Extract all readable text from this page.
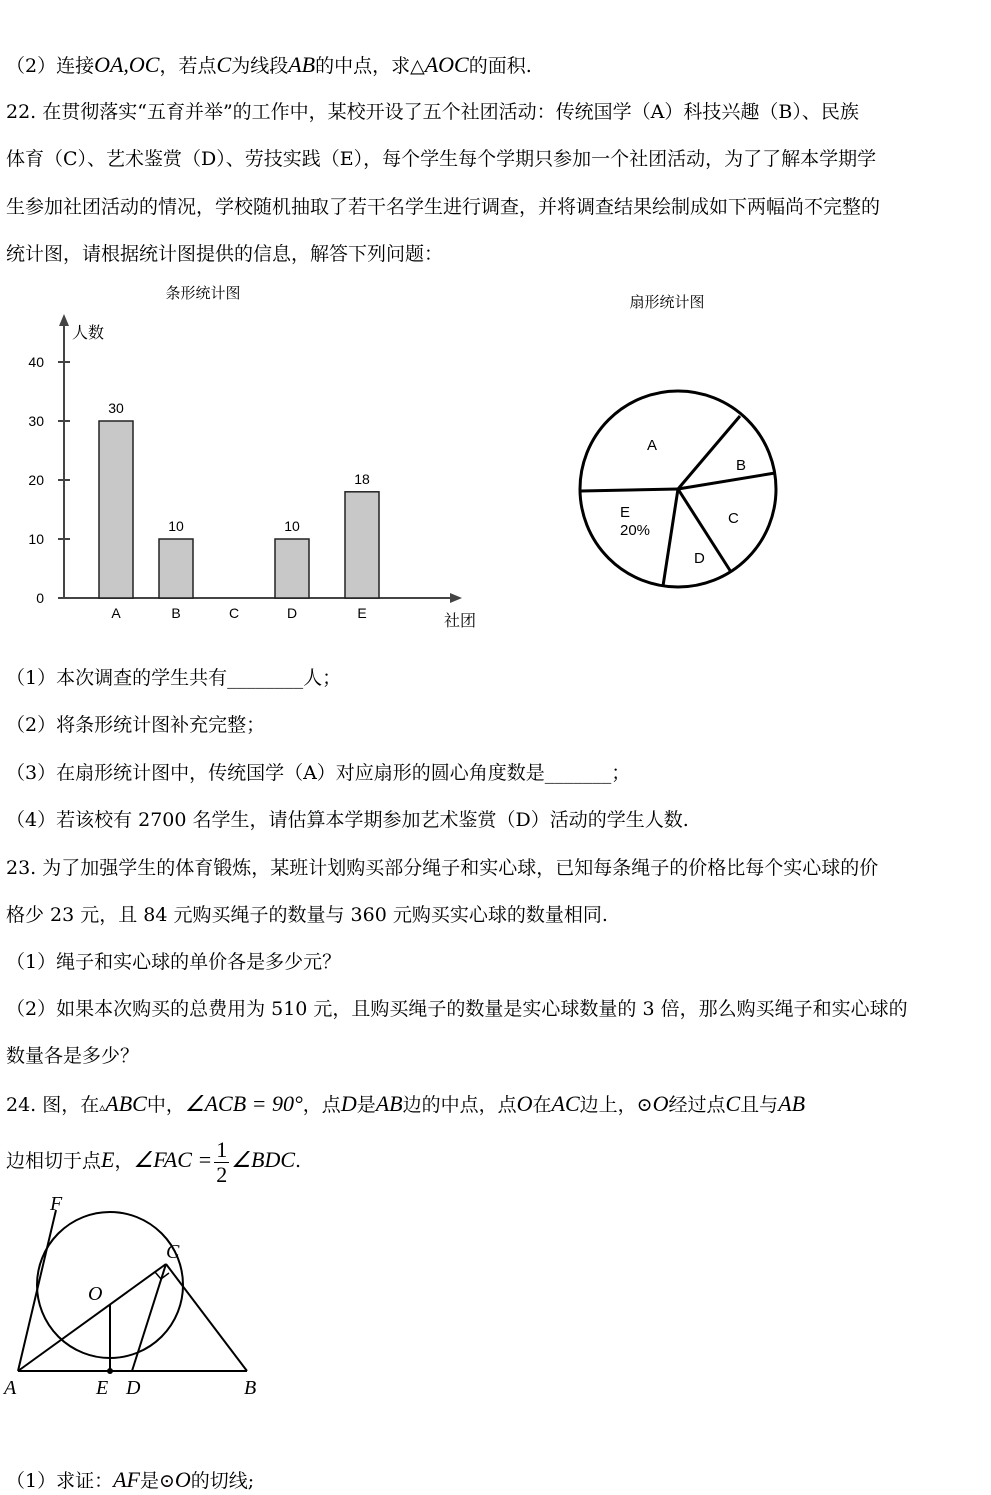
（2）连接OA,OC，若点C为线段AB的中点，求△AOC的面积.
22. 在贯彻落实“五育并举”的工作中，某校开设了五个社团活动：传统国学（A）科技兴趣（B）、民族
体育（C）、艺术鉴赏（D）、劳技实践（E），每个学生每个学期只参加一个社团活动，为了了解本学期学
生参加社团活动的情况，学校随机抽取了若干名学生进行调查，并将调查结果绘制成如下两幅尚不完整的
统计图，请根据统计图提供的信息，解答下列问题：
条形统计图
人数
社团
0
10
20
30
40
30
A
10
B	C
10
D
18
E
扇形统计图
A
B
C
D
E
20%
（1）本次调查的学生共有________人；
（2）将条形统计图补充完整；
（3）在扇形统计图中，传统国学（A）对应扇形的圆心角度数是_______；
（4）若该校有 2700 名学生，请估算本学期参加艺术鉴赏（D）活动的学生人数.
23. 为了加强学生的体育锻炼，某班计划购买部分绳子和实心球，已知每条绳子的价格比每个实心球的价
格少 23 元，且 84 元购买绳子的数量与 360 元购买实心球的数量相同.
（1）绳子和实心球的单价各是多少元？
（2）如果本次购买的总费用为 510 元，且购买绳子的数量是实心球数量的 3 倍，那么购买绳子和实心球的
数量各是多少？
24. 图，在▵ABC中，∠ACB = 90°，点D是AB边的中点，点O在AC边上，⊙O经过点C且与AB
边相切于点E，∠FAC = $\frac{1}{2}$ ∠BDC.
F
C
O
A	E D	B
（1）求证：AF是⊙O的切线;
